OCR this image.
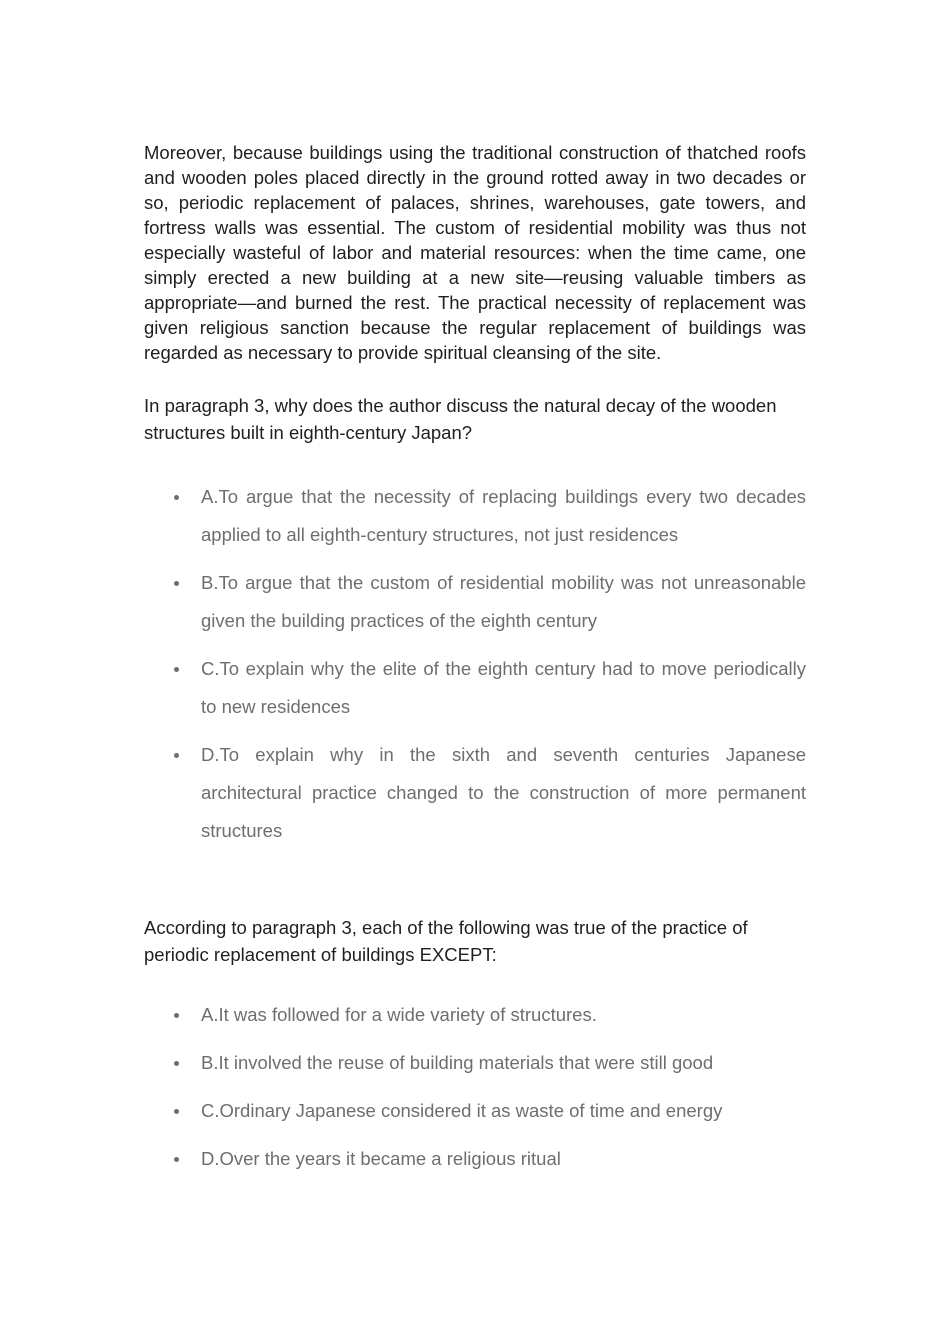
Moreover, because buildings using the traditional construction of thatched roofs and wooden poles placed directly in the ground rotted away in two decades or so, periodic replacement of palaces, shrines, warehouses, gate towers, and fortress walls was essential. The custom of residential mobility was thus not especially wasteful of labor and material resources: when the time came, one simply erected a new building at a new site—reusing valuable timbers as appropriate—and burned the rest. The practical necessity of replacement was given religious sanction because the regular replacement of buildings was regarded as necessary to provide spiritual cleansing of the site.

In paragraph 3, why does the author discuss the natural decay of the wooden structures built in eighth-century Japan?

A.To argue that the necessity of replacing buildings every two decades applied to all eighth-century structures, not just residences
B.To argue that the custom of residential mobility was not unreasonable given the building practices of the eighth century
C.To explain why the elite of the eighth century had to move periodically to new residences
D.To explain why in the sixth and seventh centuries Japanese architectural practice changed to the construction of more permanent structures

According to paragraph 3, each of the following was true of the practice of periodic replacement of buildings EXCEPT:

A.It was followed for a wide variety of structures.
B.It involved the reuse of building materials that were still good
C.Ordinary Japanese considered it as waste of time and energy
D.Over the years it became a religious ritual
